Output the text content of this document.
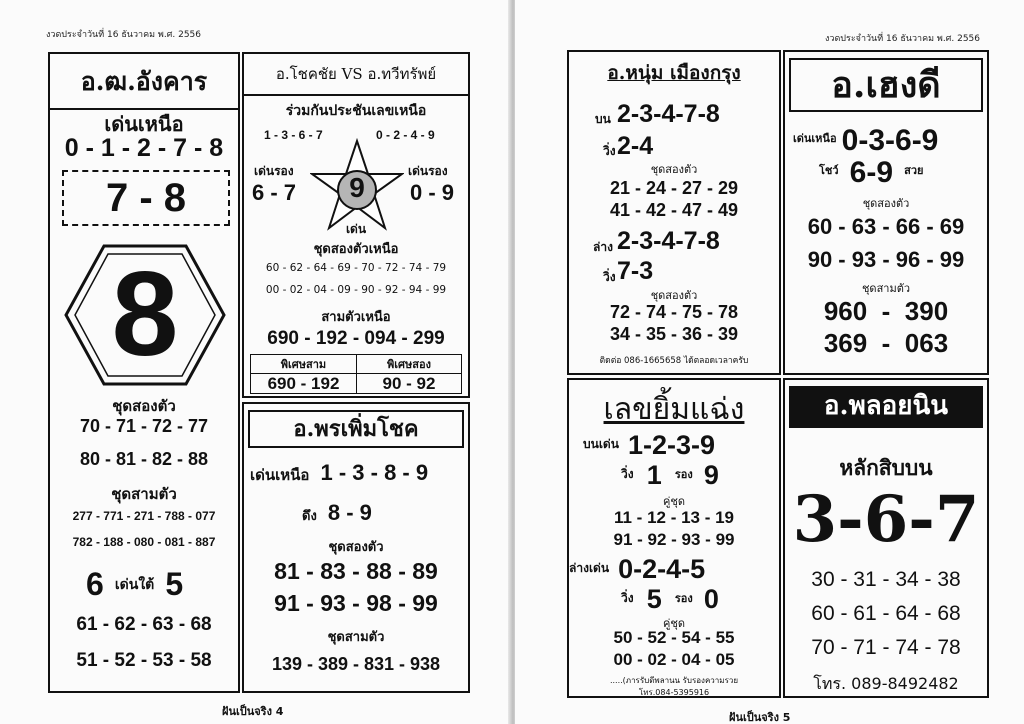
งวดประจำวันที่ 16 ธันวาคม พ.ศ. 2556
อ.ฒ.อังคาร
เด่นเหนือ
0 - 1 - 2 - 7 - 8
7 - 8
8
ชุดสองตัว
70 - 71 - 72 - 77
80 - 81 - 82 - 88
ชุดสามตัว
277 - 771 - 271 - 788 - 077
782 - 188 - 080 - 081 - 887
6 เด่นใต้ 5
61 - 62 - 63 - 68
51 - 52 - 53 - 58
อ.โชคชัย VS อ.ทวีทรัพย์
ร่วมกันประชันเลขเหนือ
1 - 3 - 6 - 7	0 - 2 - 4 - 9
เด่นรอง
6 - 7	9
เด่นรอง
0 - 9
เด่น
ชุดสองตัวเหนือ
60 - 62 - 64 - 69 - 70 - 72 - 74 - 79
00 - 02 - 04 - 09 - 90 - 92 - 94 - 99
สามตัวเหนือ
690 - 192 - 094 - 299
พิเศษสาม
690 - 192
พิเศษสอง
90 - 92
อ.พรเพิ่มโชค
เด่นเหนือ 1 - 3 - 8 - 9
ดึง 8 - 9
ชุดสองตัว
81 - 83 - 88 - 89
91 - 93 - 98 - 99
ชุดสามตัว
139 - 389 - 831 - 938
ฝันเป็นจริง 4
งวดประจำวันที่ 16 ธันวาคม พ.ศ. 2556
อ.หนุ่ม เมืองกรุง
บน 2-3-4-7-8
วิ่ง 2-4
ชุดสองตัว
21 - 24 - 27 - 29
41 - 42 - 47 - 49
ล่าง 2-3-4-7-8
วิ่ง 7-3
ชุดสองตัว
72 - 74 - 75 - 78
34 - 35 - 36 - 39
ติดต่อ 086-1665658 ได้ตลอดเวลาครับ
อ.เฮงดี
$^{เด่นเหนือ}$ 0-3-6-9
$^{โชว์}$ 6-9 $^{สวย}$
ชุดสองตัว
60 - 63 - 66 - 69
90 - 93 - 96 - 99
ชุดสามตัว
960  -  390
369  -  063
เลขยิ้มแฉ่ง
$^{บนเด่น}$ 1-2-3-9
$^{วิ่ง}$ 1 $^{รอง}$ 9
คู่ชุด
11 - 12 - 13 - 19
91 - 92 - 93 - 99
$^{ล่างเด่น}$ 0-2-4-5
$^{วิ่ง}$ 5 $^{รอง}$ 0
คู่ชุด
50 - 52 - 54 - 55
00 - 02 - 04 - 05
.....(ภารรับดีพลานน รับรองความรวย
โทร.084-5395916
อ.พลอยนิน
หลักสิบบน
3-6-7
30 - 31 - 34 - 38
60 - 61 - 64 - 68
70 - 71 - 74 - 78
โทร. 089-8492482
ฝันเป็นจริง 5
